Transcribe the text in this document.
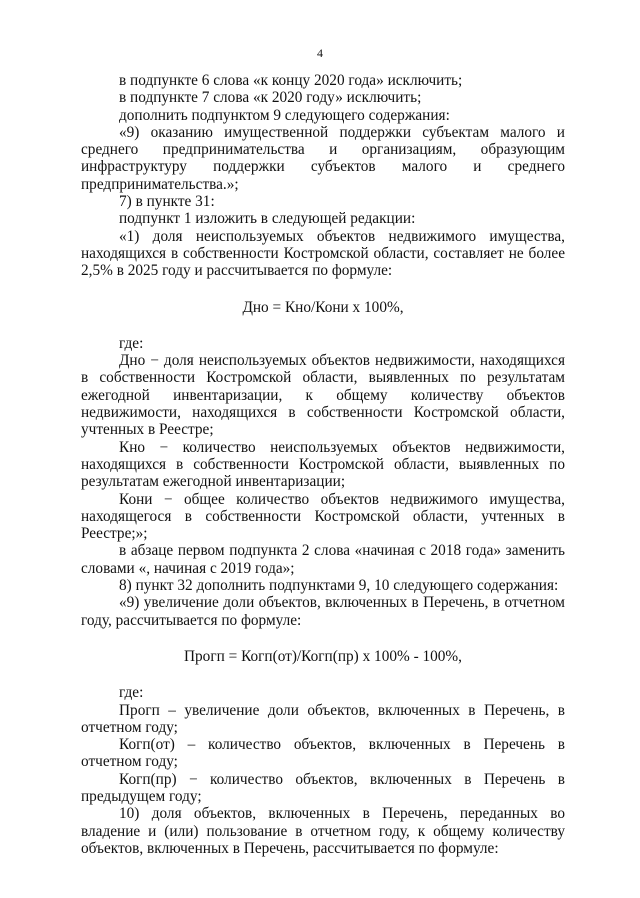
4

в подпункте 6 слова «к концу 2020 года» исключить;

в подпункте 7 слова «к 2020 году» исключить;

дополнить подпунктом 9 следующего содержания:

«9) оказанию имущественной поддержки субъектам малого и среднего предпринимательства и организациям, образующим инфраструктуру поддержки субъектов малого и среднего предпринимательства.»;

7) в пункте 31:

подпункт 1 изложить в следующей редакции:

«1) доля неиспользуемых объектов недвижимого имущества, находящихся в собственности Костромской области, составляет не более 2,5% в 2025 году и рассчитывается по формуле:

Дно = Кно/Кони х 100%,

где:

Дно − доля неиспользуемых объектов недвижимости, находящихся в собственности Костромской области, выявленных по результатам ежегодной инвентаризации, к общему количеству объектов недвижимости, находящихся в собственности Костромской области, учтенных в Реестре;

Кно − количество неиспользуемых объектов недвижимости, находящихся в собственности Костромской области, выявленных по результатам ежегодной инвентаризации;

Кони − общее количество объектов недвижимого имущества, находящегося в собственности Костромской области, учтенных в Реестре;»;

в абзаце первом подпункта 2 слова «начиная с 2018 года» заменить словами «, начиная с 2019 года»;

8) пункт 32 дополнить подпунктами 9, 10 следующего содержания:

«9) увеличение доли объектов, включенных в Перечень, в отчетном году, рассчитывается по формуле:

Прогп = Когп(от)/Когп(пр) х 100% - 100%,

где:

Прогп – увеличение доли объектов, включенных в Перечень, в отчетном году;

Когп(от) – количество объектов, включенных в Перечень в отчетном году;

Когп(пр) − количество объектов, включенных в Перечень в предыдущем году;

10) доля объектов, включенных в Перечень, переданных во владение и (или) пользование в отчетном году, к общему количеству объектов, включенных в Перечень, рассчитывается по формуле:
